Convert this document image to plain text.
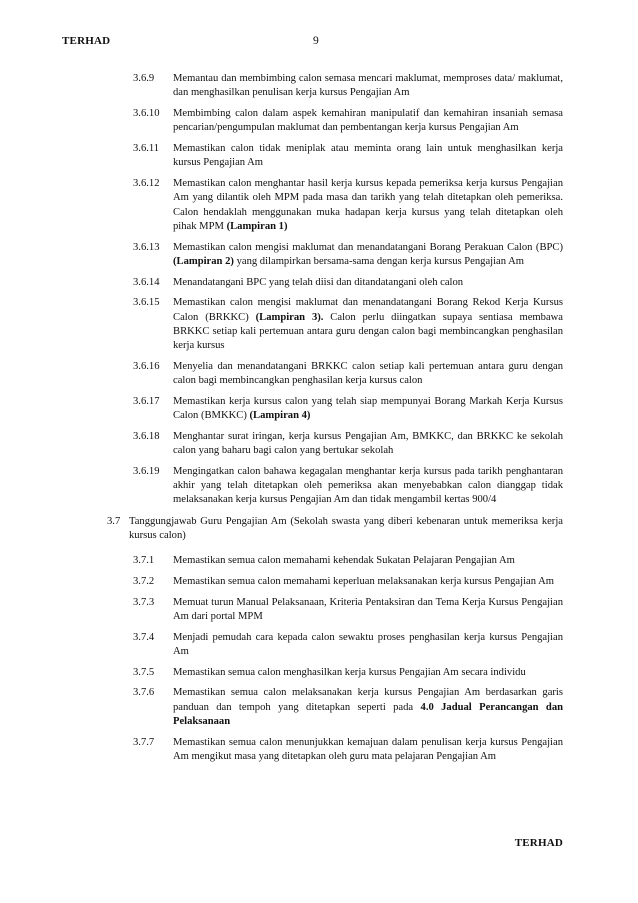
TERHAD	9
3.6.9 Memantau dan membimbing calon semasa mencari maklumat, memproses data/ maklumat, dan menghasilkan penulisan kerja kursus Pengajian Am
3.6.10 Membimbing calon dalam aspek kemahiran manipulatif dan kemahiran insaniah semasa pencarian/pengumpulan maklumat dan pembentangan kerja kursus Pengajian Am
3.6.11 Memastikan calon tidak meniplak atau meminta orang lain untuk menghasilkan kerja kursus Pengajian Am
3.6.12 Memastikan calon menghantar hasil kerja kursus kepada pemeriksa kerja kursus Pengajian Am yang dilantik oleh MPM pada masa dan tarikh yang telah ditetapkan oleh pemeriksa. Calon hendaklah menggunakan muka hadapan kerja kursus yang telah ditetapkan oleh pihak MPM (Lampiran 1)
3.6.13 Memastikan calon mengisi maklumat dan menandatangani Borang Perakuan Calon (BPC) (Lampiran 2) yang dilampirkan bersama-sama dengan kerja kursus Pengajian Am
3.6.14 Menandatangani BPC yang telah diisi dan ditandatangani oleh calon
3.6.15 Memastikan calon mengisi maklumat dan menandatangani Borang Rekod Kerja Kursus Calon (BRKKC) (Lampiran 3). Calon perlu diingatkan supaya sentiasa membawa BRKKC setiap kali pertemuan antara guru dengan calon bagi membincangkan penghasilan kerja kursus
3.6.16 Menyelia dan menandatangani BRKKC calon setiap kali pertemuan antara guru dengan calon bagi membincangkan penghasilan kerja kursus calon
3.6.17 Memastikan kerja kursus calon yang telah siap mempunyai Borang Markah Kerja Kursus Calon (BMKKC) (Lampiran 4)
3.6.18 Menghantar surat iringan, kerja kursus Pengajian Am, BMKKC, dan BRKKC ke sekolah calon yang baharu bagi calon yang bertukar sekolah
3.6.19 Mengingatkan calon bahawa kegagalan menghantar kerja kursus pada tarikh penghantaran akhir yang telah ditetapkan oleh pemeriksa akan menyebabkan calon dianggap tidak melaksanakan kerja kursus Pengajian Am dan tidak mengambil kertas 900/4
3.7 Tanggungjawab Guru Pengajian Am (Sekolah swasta yang diberi kebenaran untuk memeriksa kerja kursus calon)
3.7.1 Memastikan semua calon memahami kehendak Sukatan Pelajaran Pengajian Am
3.7.2 Memastikan semua calon memahami keperluan melaksanakan kerja kursus Pengajian Am
3.7.3 Memuat turun Manual Pelaksanaan, Kriteria Pentaksiran dan Tema Kerja Kursus Pengajian Am dari portal MPM
3.7.4 Menjadi pemudah cara kepada calon sewaktu proses penghasilan kerja kursus Pengajian Am
3.7.5 Memastikan semua calon menghasilkan kerja kursus Pengajian Am secara individu
3.7.6 Memastikan semua calon melaksanakan kerja kursus Pengajian Am berdasarkan garis panduan dan tempoh yang ditetapkan seperti pada 4.0 Jadual Perancangan dan Pelaksanaan
3.7.7 Memastikan semua calon menunjukkan kemajuan dalam penulisan kerja kursus Pengajian Am mengikut masa yang ditetapkan oleh guru mata pelajaran Pengajian Am
TERHAD
